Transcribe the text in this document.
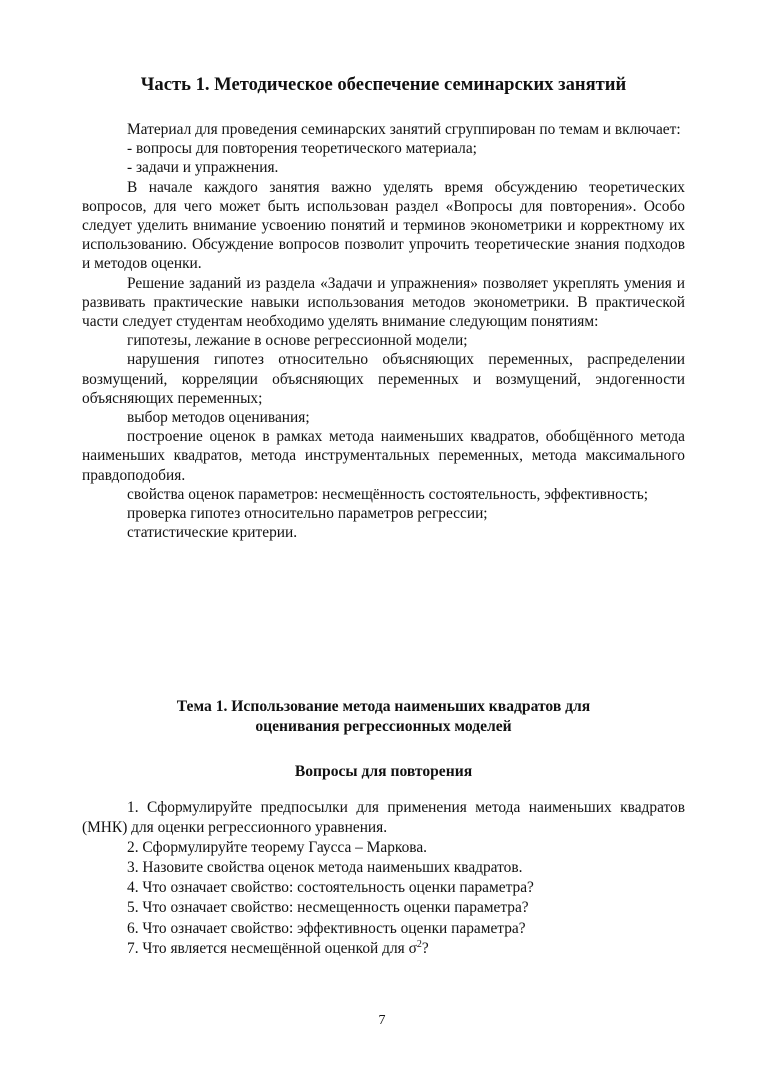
Часть 1. Методическое обеспечение семинарских занятий

Материал для проведения семинарских занятий сгруппирован по темам и включает:

- вопросы для повторения теоретического материала;

- задачи и упражнения.

В начале каждого занятия важно уделять время обсуждению теоретических вопросов, для чего может быть использован раздел «Вопросы для повторения». Особо следует уделить внимание усвоению понятий и терминов эконометрики и корректному их использованию. Обсуждение вопросов позволит упрочить теоретические знания подходов и методов оценки.

Решение заданий из раздела «Задачи и упражнения» позволяет укреплять умения и развивать практические навыки использования методов эконометрики. В практической части следует студентам необходимо уделять внимание следующим понятиям:

гипотезы, лежание в основе регрессионной модели;

нарушения гипотез относительно объясняющих переменных, распределении возмущений, корреляции объясняющих переменных и возмущений, эндогенности объясняющих переменных;

выбор методов оценивания;

построение оценок в рамках метода наименьших квадратов, обобщённого метода наименьших квадратов, метода инструментальных переменных, метода максимального правдоподобия.

свойства оценок параметров: несмещённость состоятельность, эффективность;

проверка гипотез относительно параметров регрессии;

статистические критерии.

Тема 1. Использование метода наименьших квадратов для
оценивания регрессионных моделей
Вопросы для повторения

1. Сформулируйте предпосылки для применения метода наименьших квадратов (МНК) для оценки регрессионного уравнения.

2. Сформулируйте теорему Гаусса – Маркова.

3. Назовите свойства оценок метода наименьших квадратов.

4. Что означает свойство: состоятельность оценки параметра?

5. Что означает свойство: несмещенность оценки параметра?

6. Что означает свойство: эффективность оценки параметра?

7. Что является несмещённой оценкой для $\sigma^2$?

7
